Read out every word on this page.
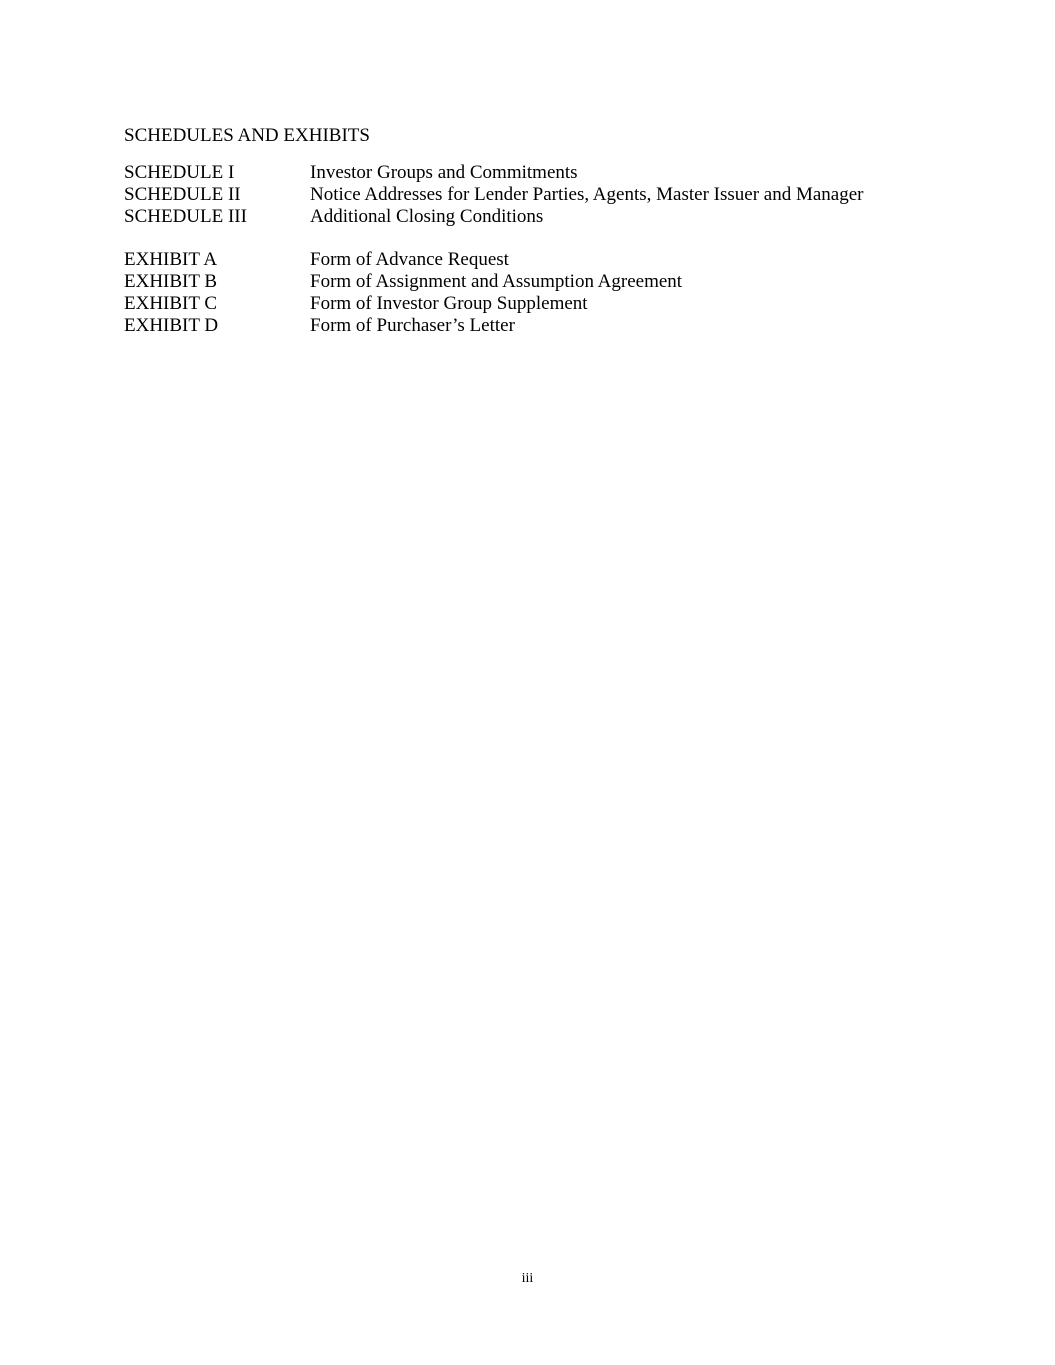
SCHEDULES AND EXHIBITS
SCHEDULE I	Investor Groups and Commitments
SCHEDULE II	Notice Addresses for Lender Parties, Agents, Master Issuer and Manager
SCHEDULE III	Additional Closing Conditions
EXHIBIT A	Form of Advance Request
EXHIBIT B	Form of Assignment and Assumption Agreement
EXHIBIT C	Form of Investor Group Supplement
EXHIBIT D	Form of Purchaser’s Letter
iii
